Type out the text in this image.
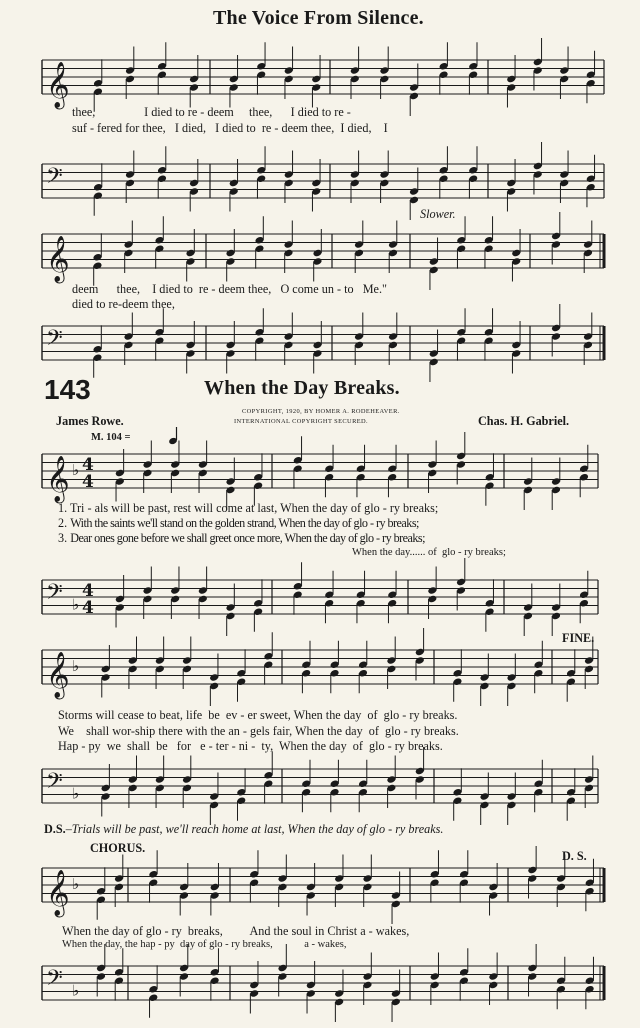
The Voice From Silence.
𝄞
thee,                I died to re - deem     thee,      I died to re -
suf - fered for thee,   I died,   I died to  re - deem thee,  I died,    I
𝄢
Slower.
𝄞
deem      thee,    I died to  re - deem thee,   O come un - to   Me."
died to re-deem thee,
𝄢
143	When the Day Breaks.
James Rowe.
COPYRIGHT, 1920, BY HOMER A. RODEHEAVER.
INTERNATIONAL COPYRIGHT SECURED.	Chas. H. Gabriel.
M. 104 =
𝄞 ♭ 4
4
1. Tri - als will be past, rest will come at last, When the day of glo - ry breaks;
2. With the saints we'll stand on the golden strand, When the day of glo - ry breaks;
3. Dear ones gone before we shall greet once more, When the day of glo - ry breaks;
When the day...... of  glo - ry breaks;
𝄢 ♭
4
4
FINE.
𝄞 ♭
Storms will cease to beat, life  be  ev - er sweet, When the day  of  glo - ry breaks.
We    shall wor-ship there with the an - gels fair, When the day  of  glo - ry breaks.
Hap - py  we  shall  be   for   e - ter - ni -  ty,  When the day  of  glo - ry breaks.
𝄢 ♭
D.S.–Trials will be past, we'll reach home at last, When the day of glo - ry breaks.
CHORUS.
D. S.
𝄞 ♭
When the day of glo - ry  breaks,         And the soul in Christ a - wakes,
When the day, the hap - py  day of glo - ry breaks,            a - wakes,
𝄢 ♭
